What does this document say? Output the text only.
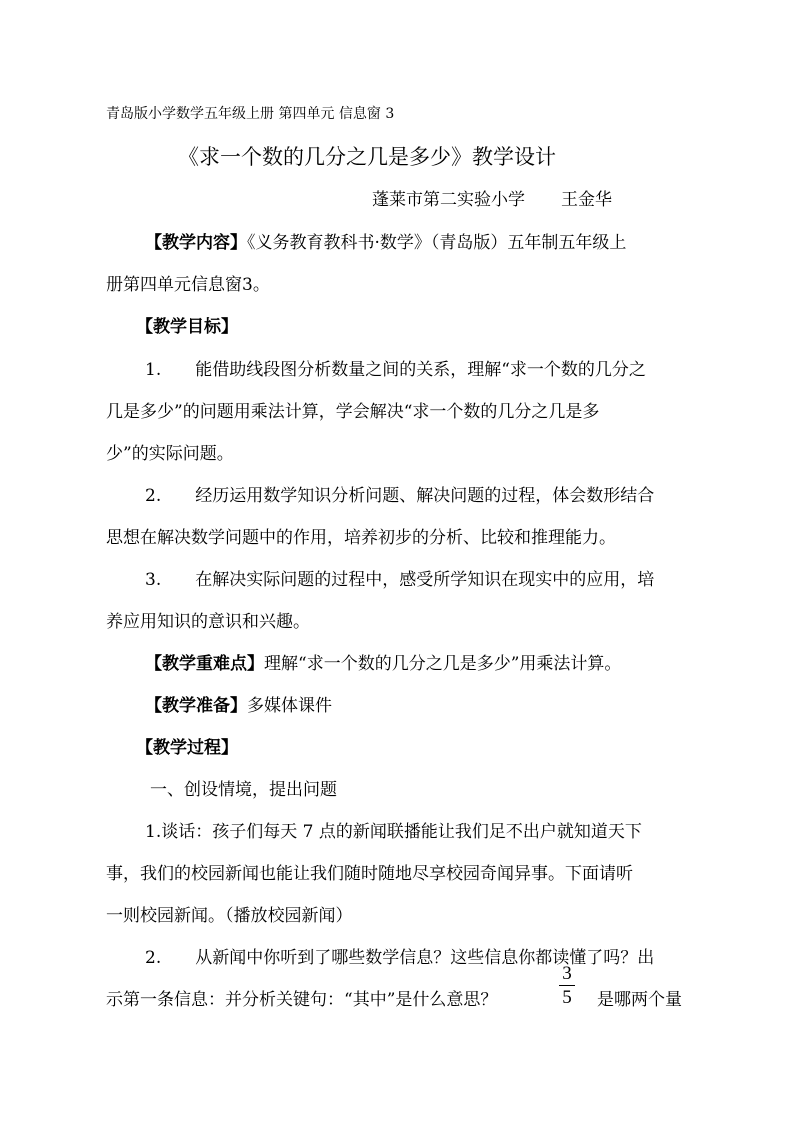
青岛版小学数学五年级上册 第四单元 信息窗 3
《求一个数的几分之几是多少》教学设计
蓬莱市第二实验小学 王金华
【教学内容】《义务教育教科书·数学》（青岛版）五年制五年级上
册第四单元信息窗3。
【教学目标】
1.　　能借助线段图分析数量之间的关系，理解“求一个数的几分之
几是多少”的问题用乘法计算，学会解决“求一个数的几分之几是多
少”的实际问题。
2.　　经历运用数学知识分析问题、解决问题的过程，体会数形结合
思想在解决数学问题中的作用，培养初步的分析、比较和推理能力。
3.　　在解决实际问题的过程中，感受所学知识在现实中的应用，培
养应用知识的意识和兴趣。
【教学重难点】理解“求一个数的几分之几是多少”用乘法计算。
【教学准备】多媒体课件
【教学过程】
一、创设情境，提出问题
1.谈话：孩子们每天 7 点的新闻联播能让我们足不出户就知道天下
事，我们的校园新闻也能让我们随时随地尽享校园奇闻异事。下面请听
一则校园新闻。（播放校园新闻）
2.　　从新闻中你听到了哪些数学信息？这些信息你都读懂了吗？出
示第一条信息：并分析关键句：“其中”是什么意思？
3
5	是哪两个量
